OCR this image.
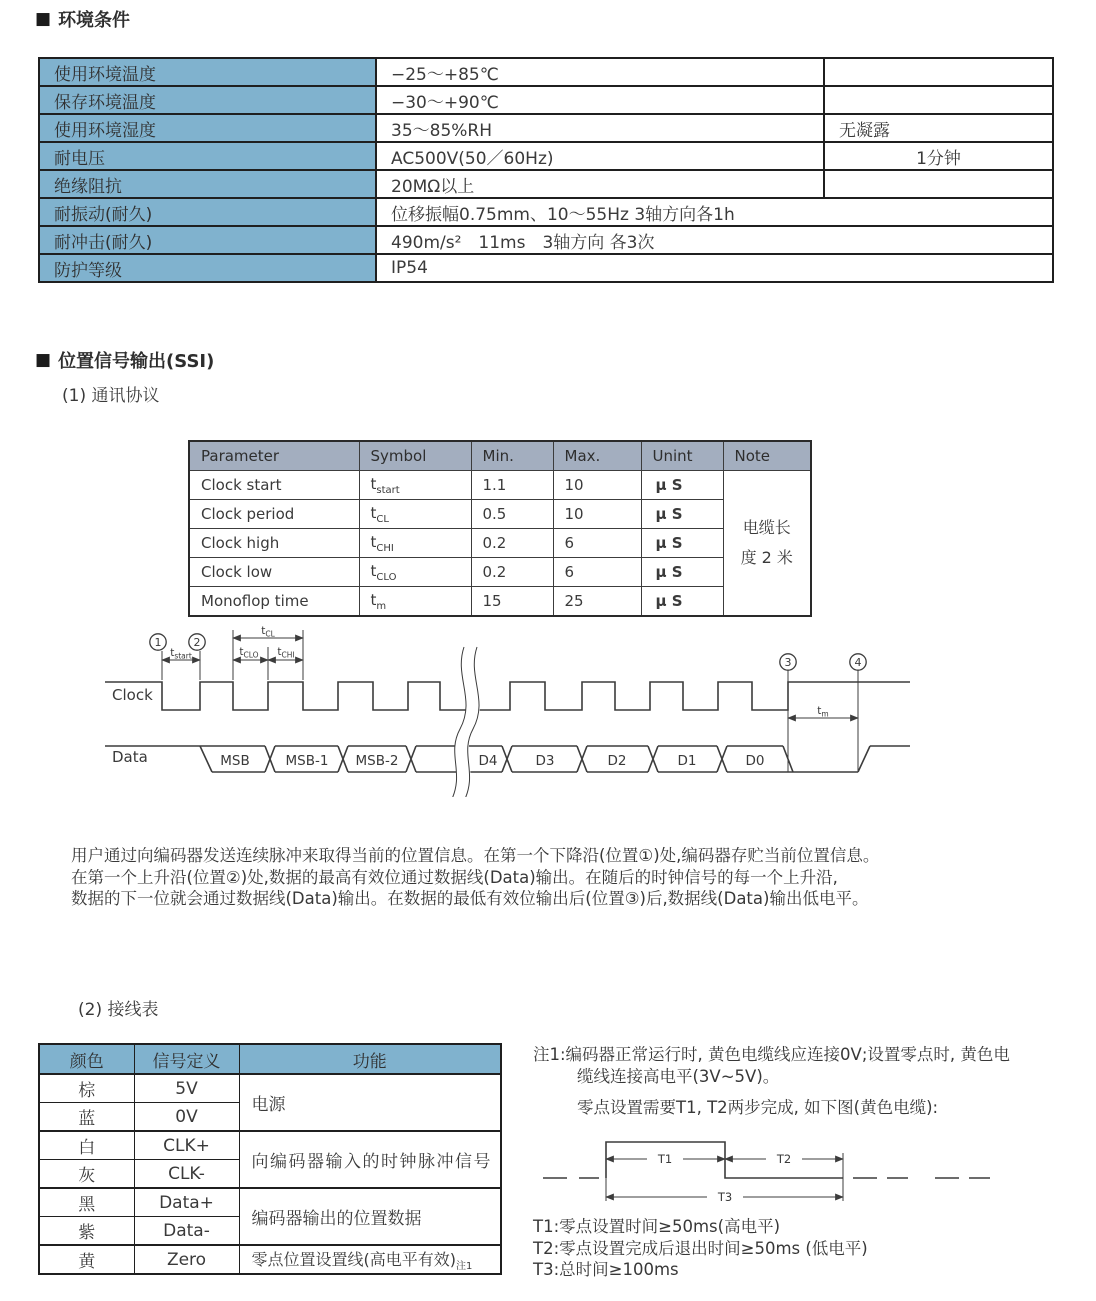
■ 环境条件
使用环境温度	−25～+85℃	
保存环境温度	−30～+90℃	
使用环境湿度	35～85%RH	无凝露
耐电压	AC500V(50／60Hz)	1分钟
绝缘阻抗	20MΩ以上	
耐振动(耐久)	位移振幅0.75mm、10～55Hz 3轴方向各1h	
耐冲击(耐久)	490m/s²　11ms　3轴方向 各3次	
防护等级	IP54	
■ 位置信号输出(SSI)
(1) 通讯协议
Parameter	Symbol	Min.	Max.	Unint	Note
Clock start	$t_{start}$	1.1	10	μ S	电缆长度 2 米
Clock period	$t_{CL}$	0.5	10	μ S	
Clock high	$t_{CHI}$	0.2	6	μ S	
Clock low	$t_{CLO}$	0.2	6	μ S	
Monoflop time	$t_m$	15	25	μ S	
Clock
Data	MSB	MSB-1 MSB-2	D4	D3	D2	D1	D0
1	2
$t_{start}$
$t_{CL}$
$t_{CLO}$ $t_{CHI}$
3	4
$t_m$
用户通过向编码器发送连续脉冲来取得当前的位置信息。在第一个下降沿(位置①)处,编码器存贮当前位置信息。
在第一个上升沿(位置②)处,数据的最高有效位通过数据线(Data)输出。在随后的时钟信号的每一个上升沿,
数据的下一位就会通过数据线(Data)输出。在数据的最低有效位输出后(位置③)后,数据线(Data)输出低电平。
(2) 接线表
颜色	信号定义	功能
棕	5V	电源
蓝	0V	
白	CLK+	向编码器输入的时钟脉冲信号
灰	CLK-	
黑	Data+	编码器输出的位置数据
紫	Data-	
黄	Zero	零点位置设置线(高电平有效)$_{注1}$
注1:编码器正常运行时, 黄色电缆线应连接0V;设置零点时, 黄色电
缆线连接高电平(3V~5V)。
零点设置需要T1, T2两步完成, 如下图(黄色电缆):
T1	T2
T3
T1:零点设置时间≥50ms(高电平)
T2:零点设置完成后退出时间≥50ms (低电平)
T3:总时间≥100ms
